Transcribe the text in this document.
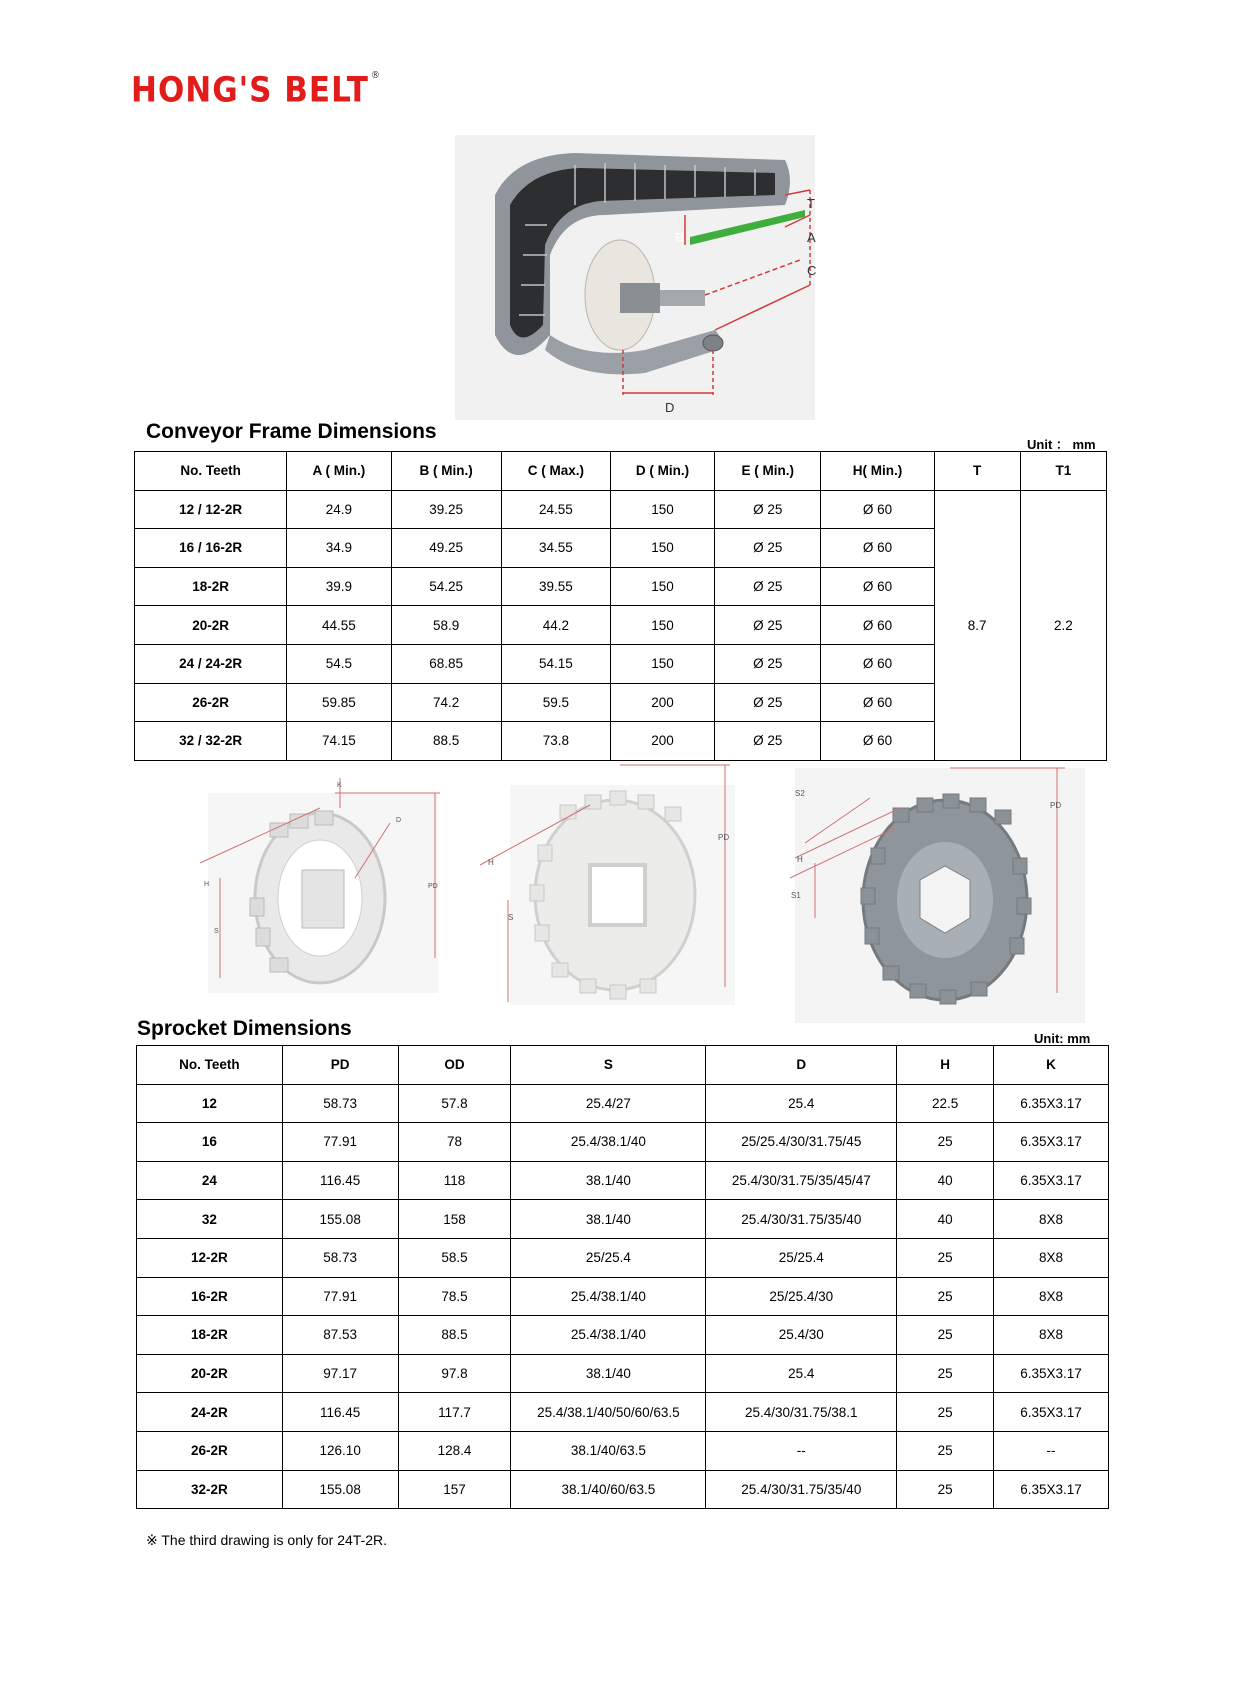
HONG'S BELT ®
T
A
C
B
D
Conveyor Frame Dimensions
Unit ： mm
No. Teeth	A ( Min.)	B ( Min.)	C ( Max.)	D ( Min.)	E ( Min.)	H( Min.)	T	T1
12 / 12-2R	24.9	39.25	24.55	150	Ø 25	Ø 60	8.7	2.2
16 / 16-2R	34.9	49.25	34.55	150	Ø 25	Ø 60		
18-2R	39.9	54.25	39.55	150	Ø 25	Ø 60		
20-2R	44.55	58.9	44.2	150	Ø 25	Ø 60		
24 / 24-2R	54.5	68.85	54.15	150	Ø 25	Ø 60		
26-2R	59.85	74.2	59.5	200	Ø 25	Ø 60		
32 / 32-2R	74.15	88.5	73.8	200	Ø 25	Ø 60		
K
D
PD
H
S
PD
H
S
S2
PD
H
S1
Sprocket Dimensions	Unit: mm
No. Teeth	PD	OD	S	D	H	K
12	58.73	57.8	25.4/27	25.4	22.5	6.35X3.17
16	77.91	78	25.4/38.1/40	25/25.4/30/31.75/45	25	6.35X3.17
24	116.45	118	38.1/40	25.4/30/31.75/35/45/47	40	6.35X3.17
32	155.08	158	38.1/40	25.4/30/31.75/35/40	40	8X8
12-2R	58.73	58.5	25/25.4	25/25.4	25	8X8
16-2R	77.91	78.5	25.4/38.1/40	25/25.4/30	25	8X8
18-2R	87.53	88.5	25.4/38.1/40	25.4/30	25	8X8
20-2R	97.17	97.8	38.1/40	25.4	25	6.35X3.17
24-2R	116.45	117.7	25.4/38.1/40/50/60/63.5	25.4/30/31.75/38.1	25	6.35X3.17
26-2R	126.10	128.4	38.1/40/63.5	--	25	--
32-2R	155.08	157	38.1/40/60/63.5	25.4/30/31.75/35/40	25	6.35X3.17
※ The third drawing is only for 24T-2R.
